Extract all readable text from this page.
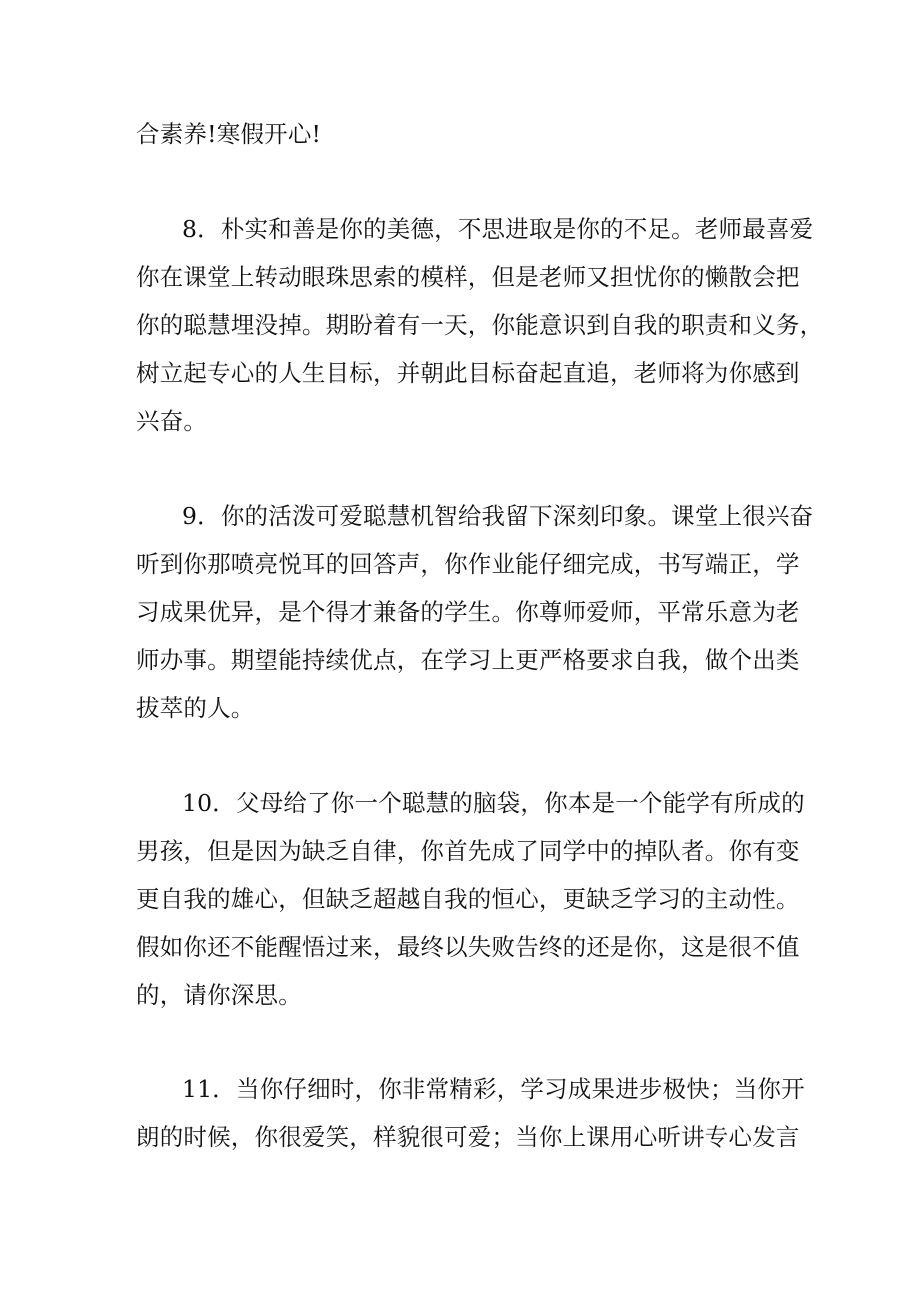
合素养!寒假开心!
8．朴实和善是你的美德，不思进取是你的不足。老师最喜爱
你在课堂上转动眼珠思索的模样，但是老师又担忧你的懒散会把
你的聪慧埋没掉。期盼着有一天，你能意识到自我的职责和义务，
树立起专心的人生目标，并朝此目标奋起直追，老师将为你感到
兴奋。
9．你的活泼可爱聪慧机智给我留下深刻印象。课堂上很兴奋
听到你那喷亮悦耳的回答声，你作业能仔细完成，书写端正，学
习成果优异，是个得才兼备的学生。你尊师爱师，平常乐意为老
师办事。期望能持续优点，在学习上更严格要求自我，做个出类
拔萃的人。
10．父母给了你一个聪慧的脑袋，你本是一个能学有所成的
男孩，但是因为缺乏自律，你首先成了同学中的掉队者。你有变
更自我的雄心，但缺乏超越自我的恒心，更缺乏学习的主动性。
假如你还不能醒悟过来，最终以失败告终的还是你，这是很不值
的，请你深思。
11．当你仔细时，你非常精彩，学习成果进步极快；当你开
朗的时候，你很爱笑，样貌很可爱；当你上课用心听讲专心发言
